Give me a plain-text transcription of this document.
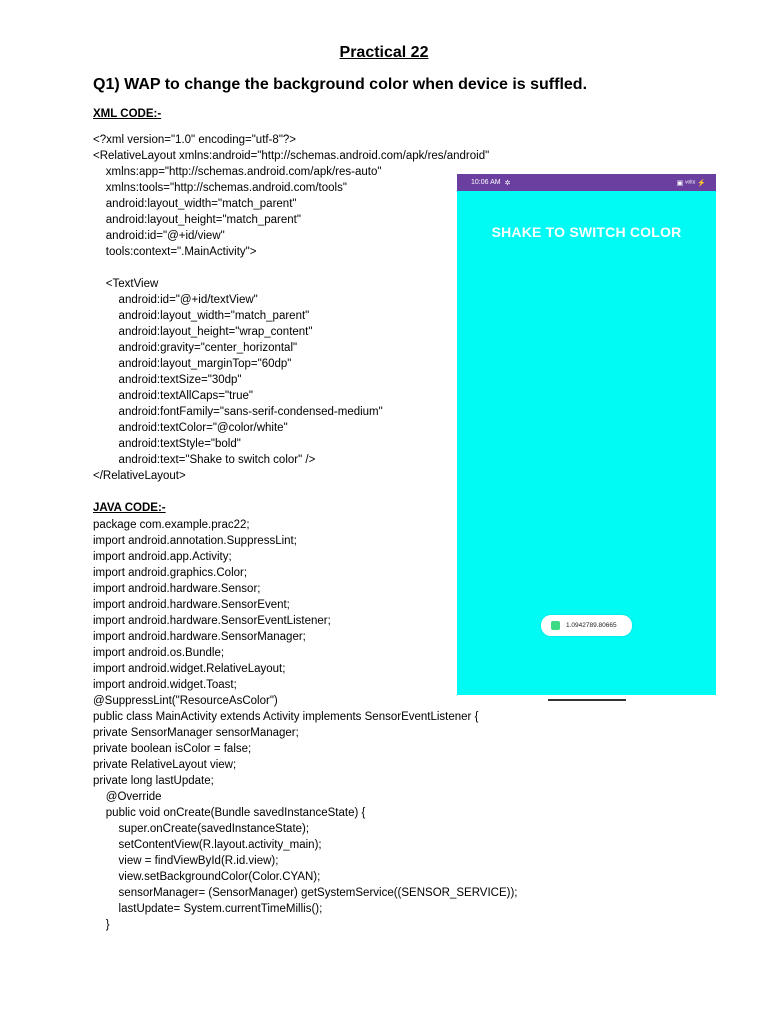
Practical 22
Q1) WAP to change the background color when device is suffled.
XML CODE:-
<?xml version="1.0" encoding="utf-8"?>
<RelativeLayout xmlns:android="http://schemas.android.com/apk/res/android"
xmlns:app="http://schemas.android.com/apk/res-auto"
xmlns:tools="http://schemas.android.com/tools"
android:layout_width="match_parent"
android:layout_height="match_parent"
android:id="@+id/view"
tools:context=".MainActivity">
<TextView
android:id="@+id/textView"
android:layout_width="match_parent"
android:layout_height="wrap_content"
android:gravity="center_horizontal"
android:layout_marginTop="60dp"
android:textSize="30dp"
android:textAllCaps="true"
android:fontFamily="sans-serif-condensed-medium"
android:textColor="@color/white"
android:textStyle="bold"
android:text="Shake to switch color" />
</RelativeLayout>
JAVA CODE:-
package com.example.prac22;
import android.annotation.SuppressLint;
import android.app.Activity;
import android.graphics.Color;
import android.hardware.Sensor;
import android.hardware.SensorEvent;
import android.hardware.SensorEventListener;
import android.hardware.SensorManager;
import android.os.Bundle;
import android.widget.RelativeLayout;
import android.widget.Toast;
@SuppressLint("ResourceAsColor")
public class MainActivity extends Activity implements SensorEventListener {
private SensorManager sensorManager;
private boolean isColor = false;
private RelativeLayout view;
private long lastUpdate;
@Override
public void onCreate(Bundle savedInstanceState) {
super.onCreate(savedInstanceState);
setContentView(R.layout.activity_main);
view = findViewById(R.id.view);
view.setBackgroundColor(Color.CYAN);
sensorManager= (SensorManager) getSystemService((SENSOR_SERVICE));
lastUpdate= System.currentTimeMillis();
}
10:06 AM ✲	▣ ᵛᵒˡᵗᵉ ⚡
SHAKE TO SWITCH COLOR
1.0942789.80665
